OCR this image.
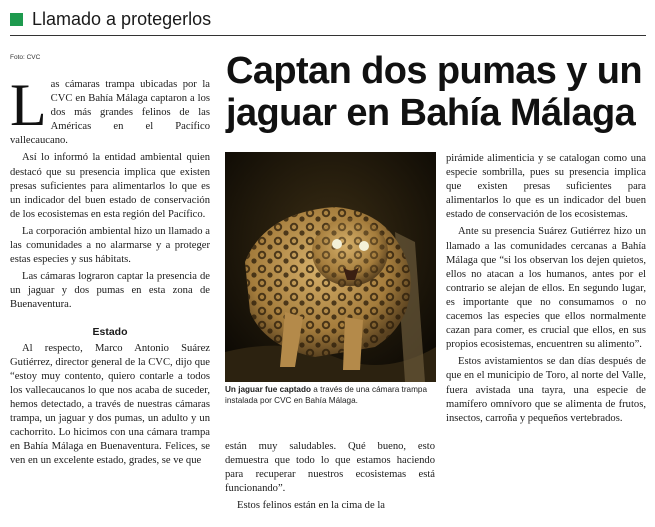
Llamado a protegerlos
Foto: CVC	Captan dos pumas y un jaguar en Bahía Málaga

Las cámaras trampa ubicadas por la CVC en Bahía Málaga captaron a los dos más grandes felinos de las Américas en el Pacífico vallecaucano.

Así lo informó la entidad ambiental quien destacó que su presencia implica que existen presas suficientes para alimentarlos lo que es un indicador del buen estado de conservación de los ecosistemas en esta región del Pacífico.

La corporación ambiental hizo un llamado a las comunidades a no alarmarse y a proteger estas especies y sus hábitats.

Las cámaras lograron captar la presencia de un jaguar y dos pumas en esta zona de Buenaventura.

Estado

Al respecto, Marco Antonio Suárez Gutiérrez, director general de la CVC, dijo que “estoy muy contento, quiero contarle a todos los vallecaucanos lo que nos acaba de suceder, hemos detectado, a través de nuestras cámaras trampa, un jaguar y dos pumas, un adulto y un cachorrito. Lo hicimos con una cámara trampa en Bahía Málaga en Buenaventura. Felices, se ven en un excelente estado, grades, se ve que

Un jaguar fue captado a través de una cámara trampa instalada por CVC en Bahía Málaga.

están muy saludables. Qué bueno, esto demuestra que todo lo que estamos haciendo para recuperar nuestros ecosistemas está funcionando”.

Estos felinos están en la cima de la

pirámide alimenticia y se catalogan como una especie sombrilla, pues su presencia implica que existen presas suficientes para alimentarlos lo que es un indicador del buen estado de conservación de los ecosistemas.

Ante su presencia Suárez Gutiérrez hizo un llamado a las comunidades cercanas a Bahía Málaga que “si los observan los dejen quietos, ellos no atacan a los humanos, antes por el contrario se alejan de ellos. En segundo lugar, es importante que no consumamos o no cacemos las especies que ellos normalmente cazan para comer, es crucial que ellos, en sus propios ecosistemas, encuentren su alimento”.

Estos avistamientos se dan días después de que en el municipio de Toro, al norte del Valle, fuera avistada una tayra, una especie de mamífero omnívoro que se alimenta de frutos, insectos, carroña y pequeños vertebrados.
